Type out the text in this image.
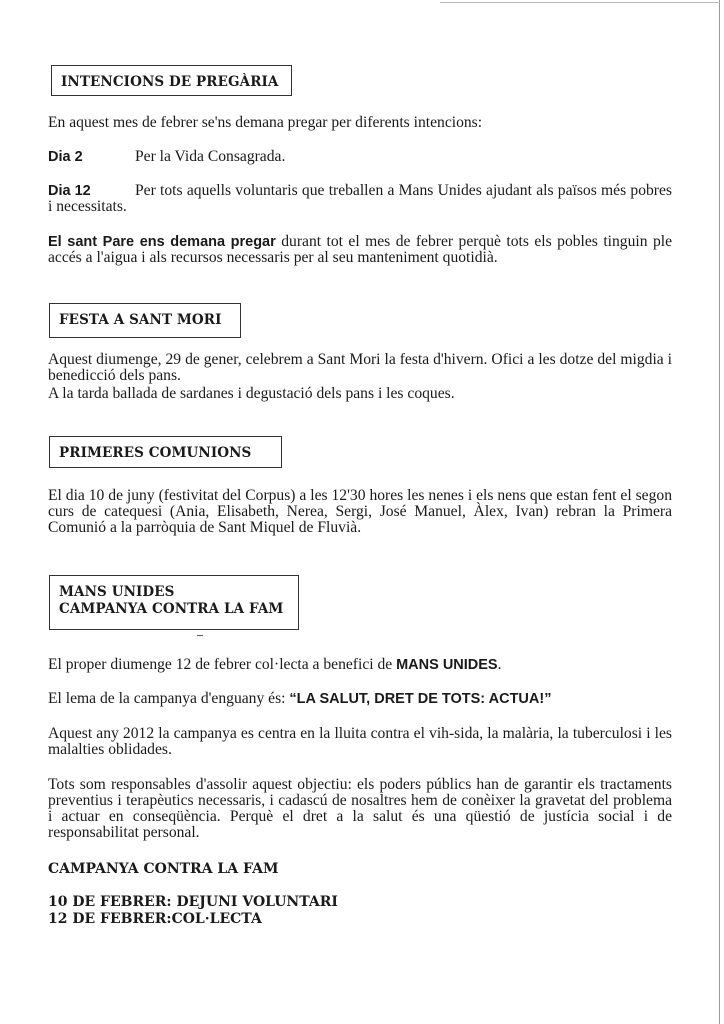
INTENCIONS DE PREGÀRIA

En aquest mes de febrer se'ns demana pregar per diferents intencions:

Dia 2	Per la Vida Consagrada.
Dia 12	Per tots aquells voluntaris que treballen a Mans Unides ajudant als països més pobres i necessitats.

El sant Pare ens demana pregar durant tot el mes de febrer perquè tots els pobles tinguin ple accés a l'aigua i als recursos necessaris per al seu manteniment quotidià.

FESTA A SANT MORI

Aquest diumenge, 29 de gener, celebrem a Sant Mori la festa d'hivern. Ofici a les dotze del migdia i benedicció dels pans.

A la tarda ballada de sardanes i degustació dels pans i les coques.

PRIMERES COMUNIONS

El dia 10 de juny (festivitat del Corpus) a les 12'30 hores les nenes i els nens que estan fent el segon curs de catequesi (Ania, Elisabeth, Nerea, Sergi, José Manuel, Àlex, Ivan) rebran la Primera Comunió a la parròquia de Sant Miquel de Fluvià.

MANS UNIDES
CAMPANYA CONTRA LA FAM

El proper diumenge 12 de febrer col·lecta a benefici de MANS UNIDES.

El lema de la campanya d'enguany és: “LA SALUT, DRET DE TOTS: ACTUA!”

Aquest any 2012 la campanya es centra en la lluita contra el vih-sida, la malària, la tuberculosi i les malalties oblidades.

Tots som responsables d'assolir aquest objectiu: els poders públics han de garantir els tractaments preventius i terapèutics necessaris, i cadascú de nosaltres hem de conèixer la gravetat del problema i actuar en conseqüència. Perquè el dret a la salut és una qüestió de justícia social i de responsabilitat personal.

CAMPANYA CONTRA LA FAM
10 DE FEBRER: DEJUNI VOLUNTARI
12 DE FEBRER:COL·LECTA
